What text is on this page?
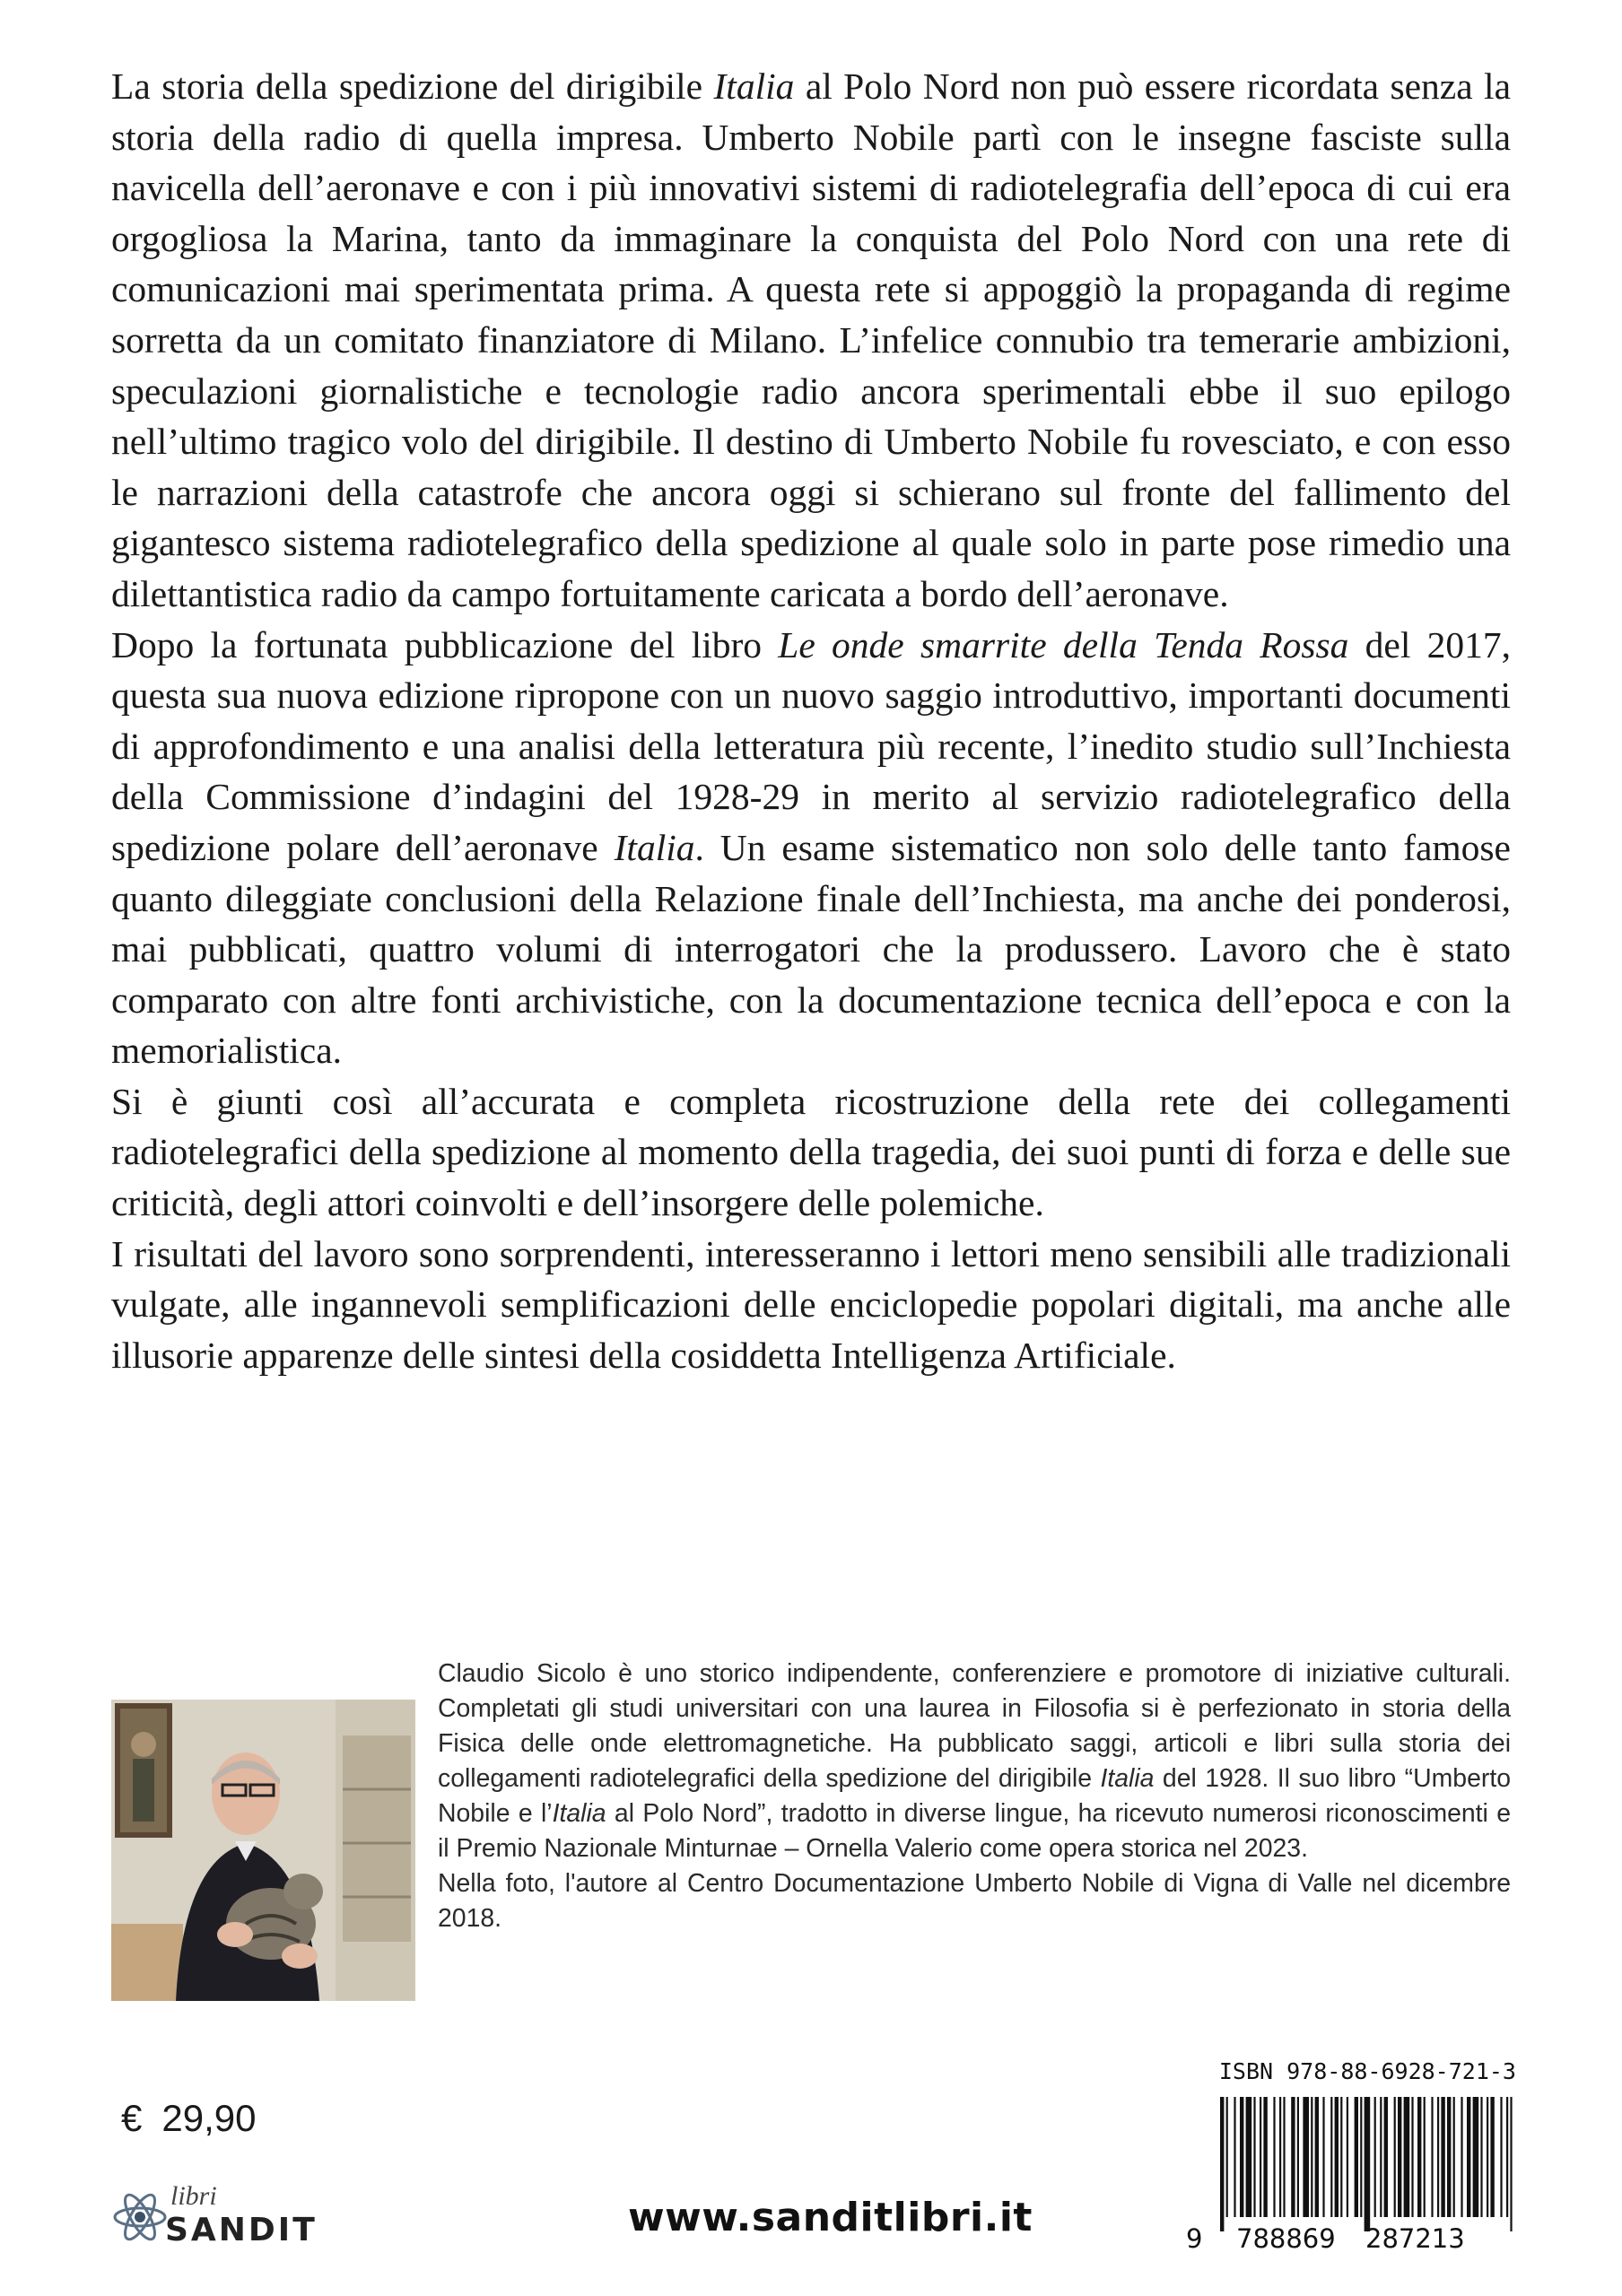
La storia della spedizione del dirigibile Italia al Polo Nord non può essere ricordata senza la storia della radio di quella impresa. Umberto Nobile partì con le insegne fasciste sulla navicella dell’aeronave e con i più innovativi sistemi di radiotelegrafia dell’epoca di cui era orgogliosa la Marina, tanto da immaginare la conquista del Polo Nord con una rete di comunicazioni mai sperimentata prima. A questa rete si appoggiò la propaganda di regime sorretta da un comitato finanziatore di Milano. L’infelice connubio tra temerarie ambizioni, speculazioni giornalistiche e tecnologie radio ancora sperimentali ebbe il suo epilogo nell’ultimo tragico volo del dirigibile. Il destino di Umberto Nobile fu rovesciato, e con esso le narrazioni della catastrofe che ancora oggi si schierano sul fronte del fallimento del gigantesco sistema radiotelegrafico della spedizione al quale solo in parte pose rimedio una dilettantistica radio da campo fortuitamente caricata a bordo dell’aeronave.

Dopo la fortunata pubblicazione del libro Le onde smarrite della Tenda Rossa del 2017, questa sua nuova edizione ripropone con un nuovo saggio introduttivo, importanti documenti di approfondimento e una analisi della letteratura più recente, l’inedito studio sull’Inchiesta della Commissione d’indagini del 1928-29 in merito al servizio radiotelegrafico della spedizione polare dell’aeronave Italia. Un esame sistematico non solo delle tanto famose quanto dileggiate conclusioni della Relazione finale dell’Inchiesta, ma anche dei ponderosi, mai pubblicati, quattro volumi di interrogatori che la produssero. Lavoro che è stato comparato con altre fonti archivistiche, con la documentazione tecnica dell’epoca e con la memorialistica.

Si è giunti così all’accurata e completa ricostruzione della rete dei collegamenti radiotelegrafici della spedizione al momento della tragedia, dei suoi punti di forza e delle sue criticità, degli attori coinvolti e dell’insorgere delle polemiche.

I risultati del lavoro sono sorprendenti, interesseranno i lettori meno sensibili alle tradizionali vulgate, alle ingannevoli semplificazioni delle enciclopedie popolari digitali, ma anche alle illusorie apparenze delle sintesi della cosiddetta Intelligenza Artificiale.

Claudio Sicolo è uno storico indipendente, conferenziere e promotore di iniziative culturali. Completati gli studi universitari con una laurea in Filosofia si è perfezionato in storia della Fisica delle onde elettromagnetiche. Ha pubblicato saggi, articoli e libri sulla storia dei collegamenti radiotelegrafici della spedizione del dirigibile Italia del 1928. Il suo libro “Umberto Nobile e l’Italia al Polo Nord”, tradotto in diverse lingue, ha ricevuto numerosi riconoscimenti e il Premio Nazionale Minturnae – Ornella Valerio come opera storica nel 2023.

Nella foto, l'autore al Centro Documentazione Umberto Nobile di Vigna di Valle nel dicembre 2018.

€ 29,90
libri
SANDIT	www.sanditlibri.it
ISBN 978-88-6928-721-3
9 788869 287213
